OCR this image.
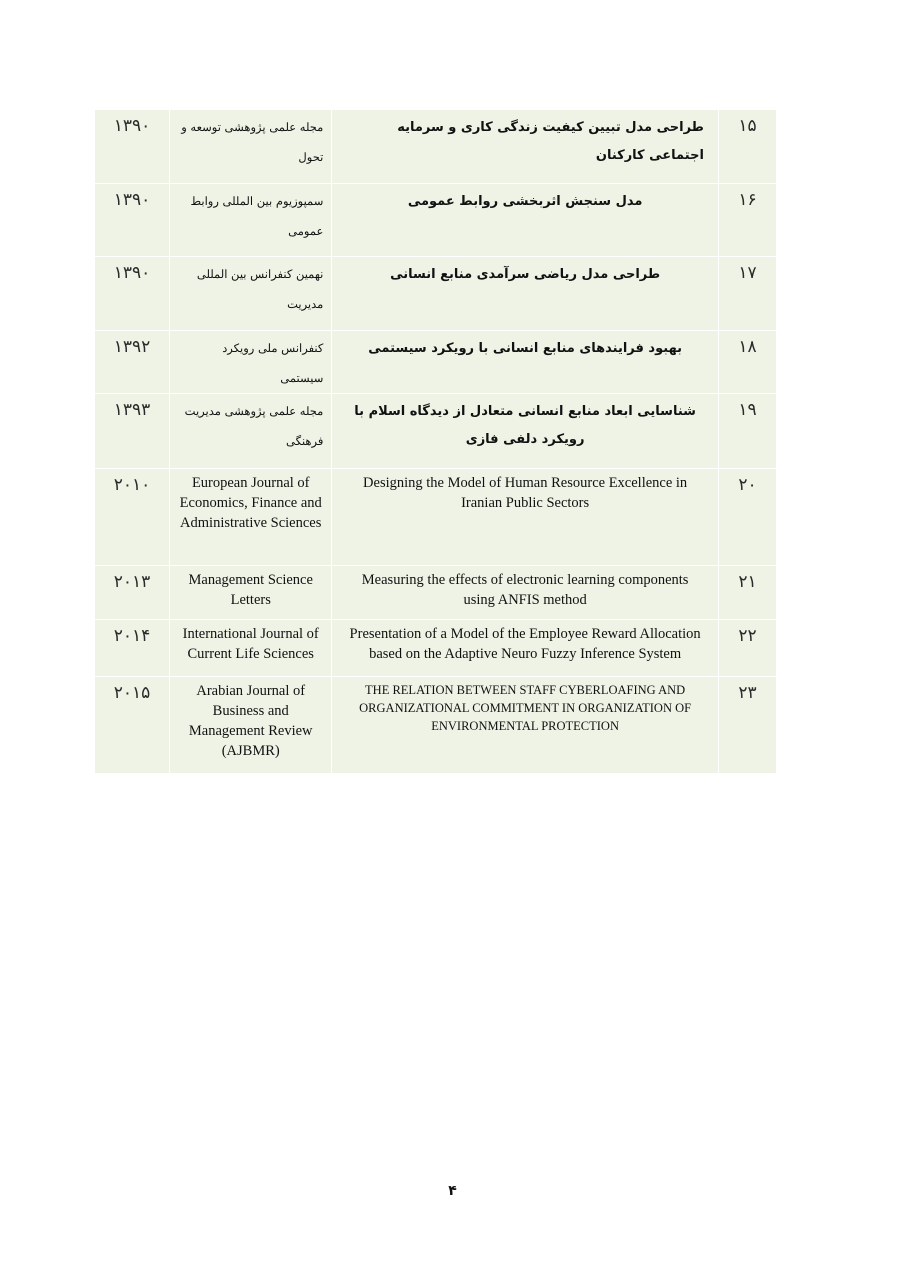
۱۳۹۰	مجله علمی پژوهشی توسعه و تحول	طراحی مدل تبیین کیفیت زندگی کاری و سرمایه اجتماعی کارکنان	۱۵
۱۳۹۰	سمپوزیوم بین المللی روابط عمومی	مدل سنجش اثربخشی روابط عمومی	۱۶
۱۳۹۰	نهمین کنفرانس بین المللی مدیریت	طراحی مدل ریاضی سرآمدی منابع انسانی	۱۷
۱۳۹۲	کنفرانس ملی رویکرد سیستمی	بهبود فرایندهای منابع انسانی با رویکرد سیستمی	۱۸
۱۳۹۳	مجله علمی پژوهشی مدیریت فرهنگی	شناسایی ابعاد منابع انسانی متعادل از دیدگاه اسلام با رویکرد دلفی فازی	۱۹
۲۰۱۰	European Journal of Economics, Finance and Administrative Sciences	Designing the Model of Human Resource Excellence in Iranian Public Sectors	۲۰
۲۰۱۳	Management Science Letters	Measuring the effects of electronic learning components using ANFIS method	۲۱
۲۰۱۴	International Journal of Current Life Sciences	Presentation of a Model of the Employee Reward Allocation based on the Adaptive Neuro Fuzzy Inference System	۲۲
۲۰۱۵	Arabian Journal of Business and Management Review (AJBMR)	THE RELATION BETWEEN STAFF CYBERLOAFING AND ORGANIZATIONAL COMMITMENT IN ORGANIZATION OF ENVIRONMENTAL PROTECTION	۲۳
۴
